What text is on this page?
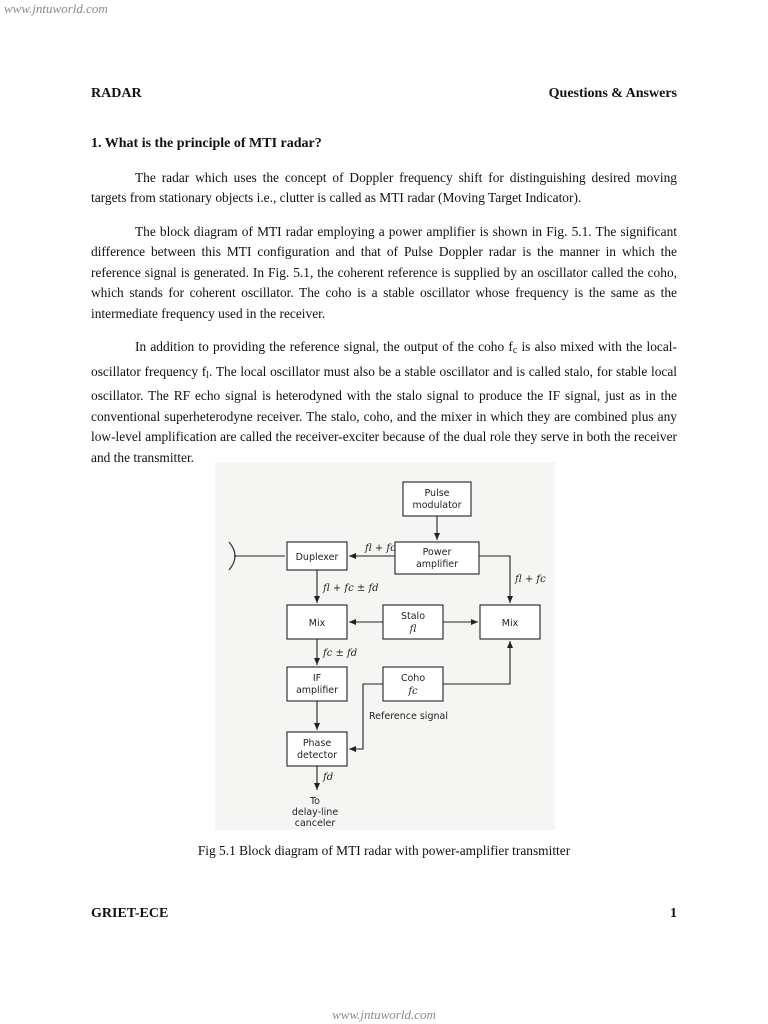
www.jntuworld.com
RADAR	Questions & Answers

1. What is the principle of MTI radar?

The radar which uses the concept of Doppler frequency shift for distinguishing desired moving targets from stationary objects i.e., clutter is called as MTI radar (Moving Target Indicator).

The block diagram of MTI radar employing a power amplifier is shown in Fig. 5.1. The significant difference between this MTI configuration and that of Pulse Doppler radar is the manner in which the reference signal is generated. In Fig. 5.1, the coherent reference is supplied by an oscillator called the coho, which stands for coherent oscillator. The coho is a stable oscillator whose frequency is the same as the intermediate frequency used in the receiver.

In addition to providing the reference signal, the output of the coho $f_c$ is also mixed with the local-oscillator frequency $f_l$. The local oscillator must also be a stable oscillator and is called stalo, for stable local oscillator. The RF echo signal is heterodyned with the stalo signal to produce the IF signal, just as in the conventional superheterodyne receiver. The stalo, coho, and the mixer in which they are combined plus any low-level amplification are called the receiver-exciter because of the dual role they serve in both the receiver and the transmitter.

Pulse
modulator
Power
amplifier
Duplexer
Mix
Stalo
fl
Mix
IF
amplifier
Coho
fc
Phase
detector
To
delay-line
canceler
fl + fc
fl + fc
fl + fc ± fd
fc ± fd
Reference signal
fd
Fig 5.1 Block diagram of MTI radar with power-amplifier transmitter
GRIET-ECE	1
www.jntuworld.com
